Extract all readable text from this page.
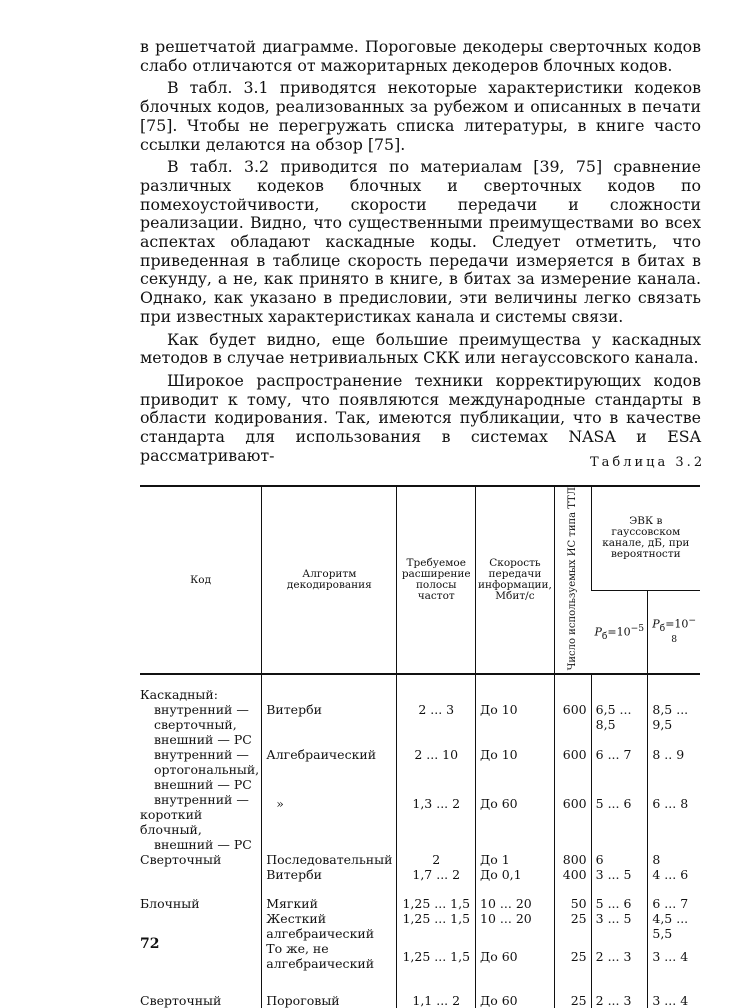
в решетчатой диаграмме. Пороговые декодеры сверточных кодов слабо отличаются от мажоритарных декодеров блочных кодов.

В табл. 3.1 приводятся некоторые характеристики кодеков блочных кодов, реализованных за рубежом и описанных в печати [75]. Чтобы не перегружать списка литературы, в книге часто ссылки делаются на обзор [75].

В табл. 3.2 приводится по материалам [39, 75] сравнение различных кодеков блочных и сверточных кодов по помехоустойчивости, скорости передачи и сложности реализации. Видно, что существенными преимуществами во всех аспектах обладают каскадные коды. Следует отметить, что приведенная в таблице скорость передачи измеряется в битах в секунду, а не, как принято в книге, в битах за измерение канала. Однако, как указано в предисловии, эти величины легко связать при известных характеристиках канала и системы связи.

Как будет видно, еще большие преимущества у каскадных методов в случае нетривиальных СКК или негауссовского канала.

Широкое распространение техники корректирующих кодов приводит к тому, что появляются международные стандарты в области кодирования. Так, имеются публикации, что в качестве стандарта для использования в системах NASA и ESA рассматривают-	Таблица 3.2
Код	Алгоритм декодирования	Требуемое расширение полосы частот	Скорость передачи информации, Мбит/с	Число используемых ИС типа ТТЛ	ЭВК в гауссовском канале, дБ, при вероятности	
					$P_б=10^{-5}$	$P_б=10^{- 8}$

Каскадный:
внутренний —
сверточный,
внешний — РС	Витерби	2 ... 3	До 10	600	6,5 ... 8,5	8,5 ... 9,5

внутренний —
ортогональный,
внешний — РС	Алгебраический	2 ... 10	До 10	600	6 ... 7	8 .. 9

внутренний —
короткий блочный,
внешний — РС	»	1,3 ... 2	До 60	600	5 ... 6	6 ... 8

Сверточный	Последовательный	2	До 1	800	6	8
	Витерби	1,7 ... 2	До 0,1	400	3 ... 5	4 ... 6

Блочный	Мягкий	1,25 ... 1,5	10 ... 20	50	5 ... 6	6 ... 7
	Жесткий алгебраический	1,25 ... 1,5	10 ... 20	25	3 ... 5	4,5 ... 5,5
	То же, не алгебраический	1,25 ... 1,5	До 60	25	2 ... 3	3 ... 4

Сверточный	Пороговый	1,1 ... 2	До 60	25	2 ... 3	3 ... 4
72
